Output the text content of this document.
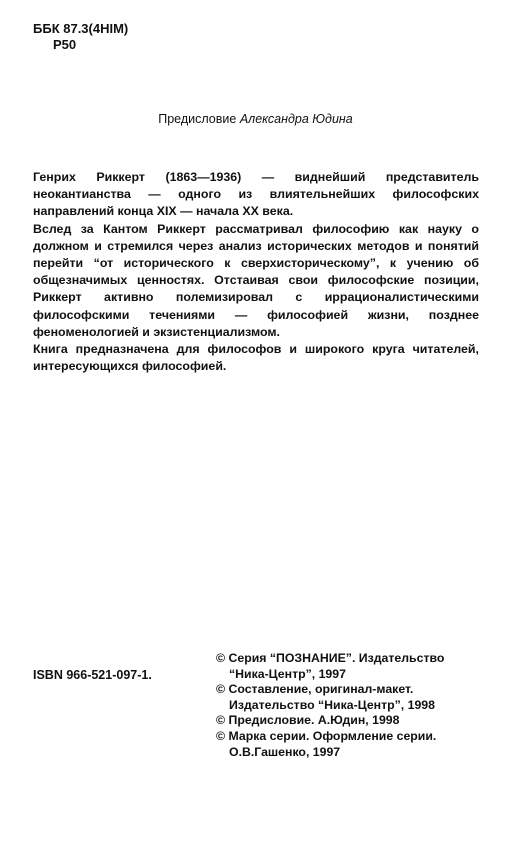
ББК 87.3(4НIМ)
Р50
Предисловие Александра Юдина

Генрих Риккерт (1863—1936) — виднейший представитель неокантианства — одного из влиятельнейших философских направлений конца XIX — начала XX века.

Вслед за Кантом Риккерт рассматривал философию как науку о должном и стремился через анализ исторических методов и понятий перейти “от исторического к сверхисторическому”, к учению об общезначимых ценностях. Отстаивая свои философские позиции, Риккерт активно полемизировал с иррационалистическими философскими течениями — философией жизни, позднее феноменологией и экзистенциализмом.

Книга предназначена для философов и широкого круга читателей, интересующихся философией.

ISBN 966-521-097-1.
© Серия “ПОЗНАНИЕ”. Издательство “Ника-Центр”, 1997
© Составление, оригинал-макет. Издательство “Ника-Центр”, 1998
© Предисловие. А.Юдин, 1998
© Марка серии. Оформление серии. О.В.Гашенко, 1997
